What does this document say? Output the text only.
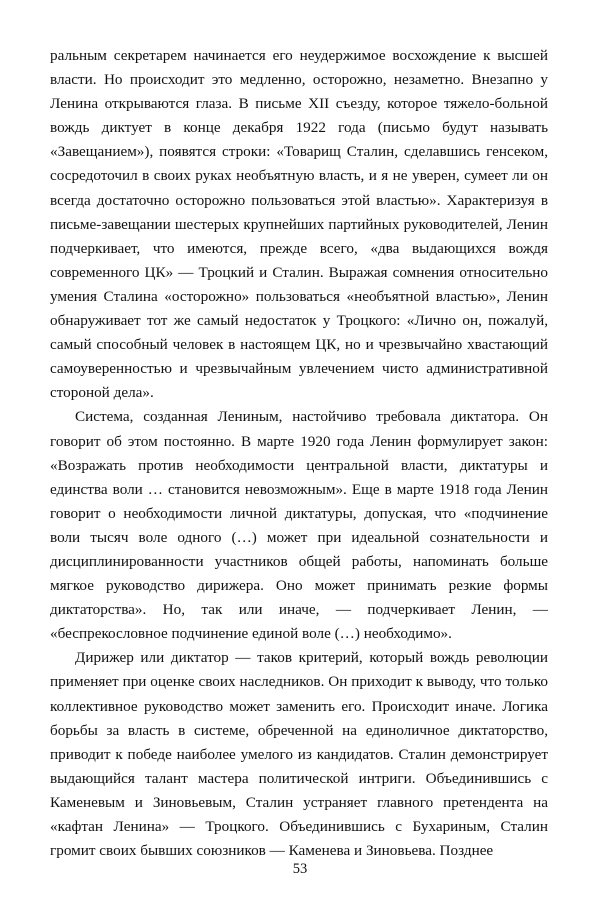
ральным секретарем начинается его неудержимое восхождение к высшей власти. Но происходит это медленно, осторожно, незаметно. Внезапно у Ленина открываются глаза. В письме XII съезду, которое тяжело-больной вождь диктует в конце декабря 1922 года (письмо будут называть «Завещанием»), появятся строки: «Товарищ Сталин, сделавшись генсеком, сосредоточил в своих руках необъятную власть, и я не уверен, сумеет ли он всегда достаточно осторожно пользоваться этой властью». Характеризуя в письме-завещании шестерых крупнейших партийных руководителей, Ленин подчеркивает, что имеются, прежде всего, «два выдающихся вождя современного ЦК» — Троцкий и Сталин. Выражая сомнения относительно умения Сталина «осторожно» пользоваться «необъятной властью», Ленин обнаруживает тот же самый недостаток у Троцкого: «Лично он, пожалуй, самый способный человек в настоящем ЦК, но и чрезвычайно хвастающий самоуверенностью и чрезвычайным увлечением чисто административной стороной дела».

Система, созданная Лениным, настойчиво требовала диктатора. Он говорит об этом постоянно. В марте 1920 года Ленин формулирует закон: «Возражать против необходимости центральной власти, диктатуры и единства воли … становится невозможным». Еще в марте 1918 года Ленин говорит о необходимости личной диктатуры, допуская, что «подчинение воли тысяч воле одного (…) может при идеальной сознательности и дисциплинированности участников общей работы, напоминать больше мягкое руководство дирижера. Оно может принимать резкие формы диктаторства». Но, так или иначе, — подчеркивает Ленин, — «беспрекословное подчинение единой воле (…) необходимо».

Дирижер или диктатор — таков критерий, который вождь революции применяет при оценке своих наследников. Он приходит к выводу, что только коллективное руководство может заменить его. Происходит иначе. Логика борьбы за власть в системе, обреченной на единоличное диктаторство, приводит к победе наиболее умелого из кандидатов. Сталин демонстрирует выдающийся талант мастера политической интриги. Объединившись с Каменевым и Зиновьевым, Сталин устраняет главного претендента на «кафтан Ленина» — Троцкого. Объединившись с Бухариным, Сталин громит своих бывших союзников — Каменева и Зиновьева. Позднее

53
